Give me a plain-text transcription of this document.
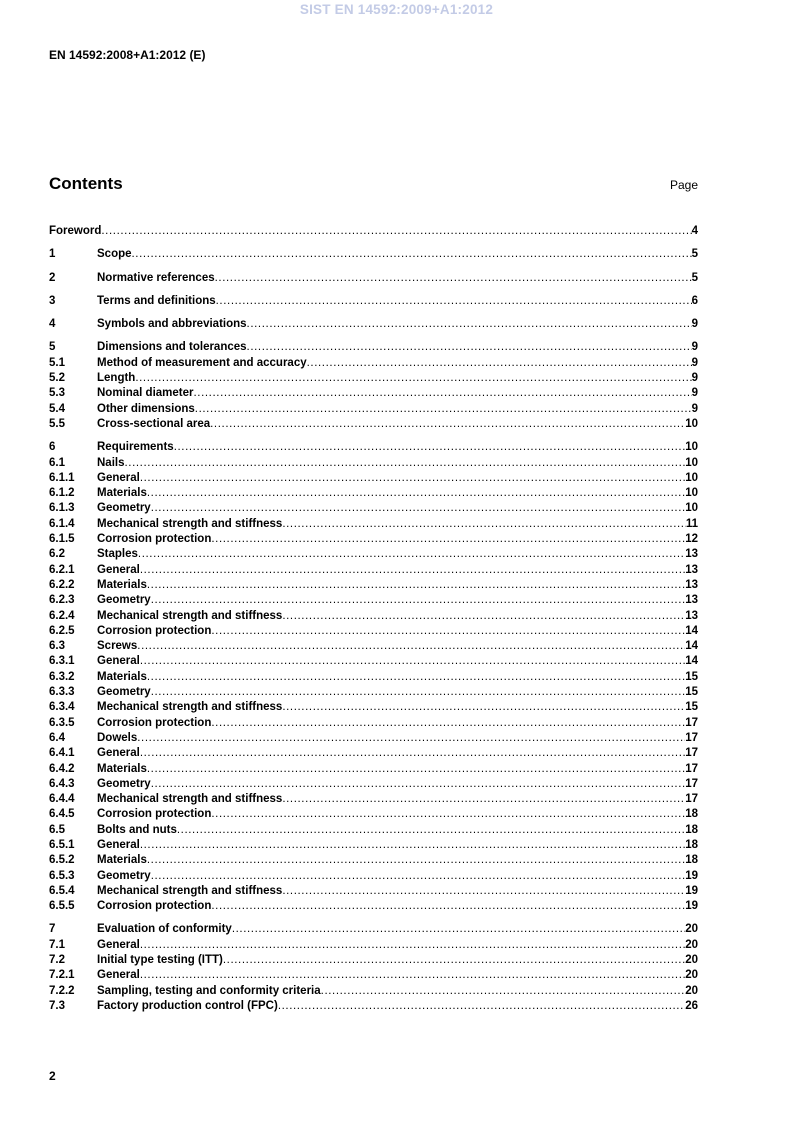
SIST EN 14592:2009+A1:2012
EN 14592:2008+A1:2012 (E)
Contents	Page
Foreword .....	4
1	Scope .....	5
2	Normative references .....	5
3	Terms and definitions .....	6
4	Symbols and abbreviations .....	9
5	Dimensions and tolerances .....	9
5.1	Method of measurement and accuracy .....	9
5.2	Length .....	9
5.3	Nominal diameter .....	9
5.4	Other dimensions .....	9
5.5	Cross-sectional area .....	10
6	Requirements .....	10
6.1	Nails .....	10
6.1.1	General .....	10
6.1.2	Materials .....	10
6.1.3	Geometry .....	10
6.1.4	Mechanical strength and stiffness .....	11
6.1.5	Corrosion protection .....	12
6.2	Staples .....	13
6.2.1	General .....	13
6.2.2	Materials .....	13
6.2.3	Geometry .....	13
6.2.4	Mechanical strength and stiffness .....	13
6.2.5	Corrosion protection .....	14
6.3	Screws .....	14
6.3.1	General .....	14
6.3.2	Materials .....	15
6.3.3	Geometry .....	15
6.3.4	Mechanical strength and stiffness .....	15
6.3.5	Corrosion protection .....	17
6.4	Dowels .....	17
6.4.1	General .....	17
6.4.2	Materials .....	17
6.4.3	Geometry .....	17
6.4.4	Mechanical strength and stiffness .....	17
6.4.5	Corrosion protection .....	18
6.5	Bolts and nuts .....	18
6.5.1	General .....	18
6.5.2	Materials .....	18
6.5.3	Geometry .....	19
6.5.4	Mechanical strength and stiffness .....	19
6.5.5	Corrosion protection .....	19
7	Evaluation of conformity .....	20
7.1	General .....	20
7.2	Initial type testing (ITT) .....	20
7.2.1	General .....	20
7.2.2	Sampling, testing and conformity criteria .....	20
7.3	Factory production control (FPC) .....	26
2
